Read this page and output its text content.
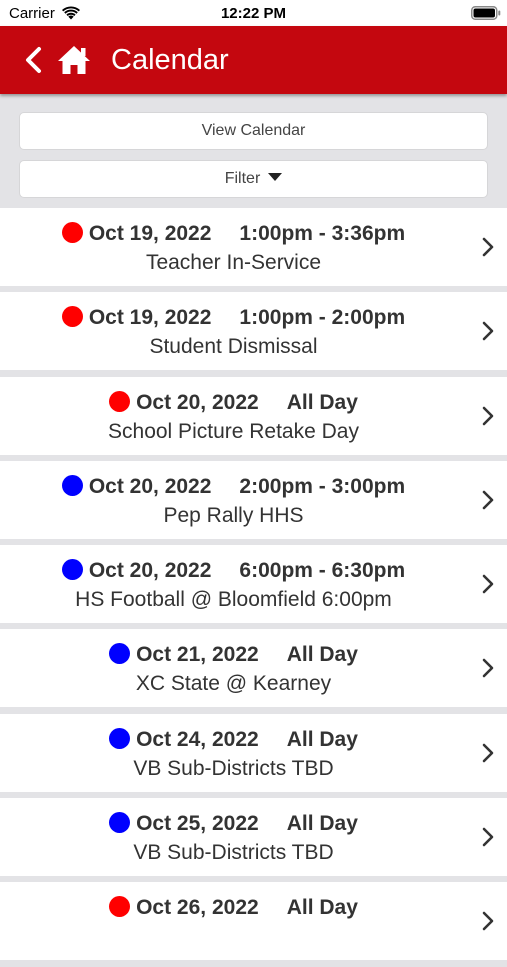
Carrier	12:22 PM
Calendar
View Calendar
Filter
Oct 19, 2022 1:00pm - 3:36pm
Teacher In-Service
Oct 19, 2022 1:00pm - 2:00pm
Student Dismissal
Oct 20, 2022 All Day
School Picture Retake Day
Oct 20, 2022 2:00pm - 3:00pm
Pep Rally HHS
Oct 20, 2022 6:00pm - 6:30pm
HS Football @ Bloomfield 6:00pm
Oct 21, 2022 All Day
XC State @ Kearney
Oct 24, 2022 All Day
VB Sub-Districts TBD
Oct 25, 2022 All Day
VB Sub-Districts TBD
Oct 26, 2022 All Day
